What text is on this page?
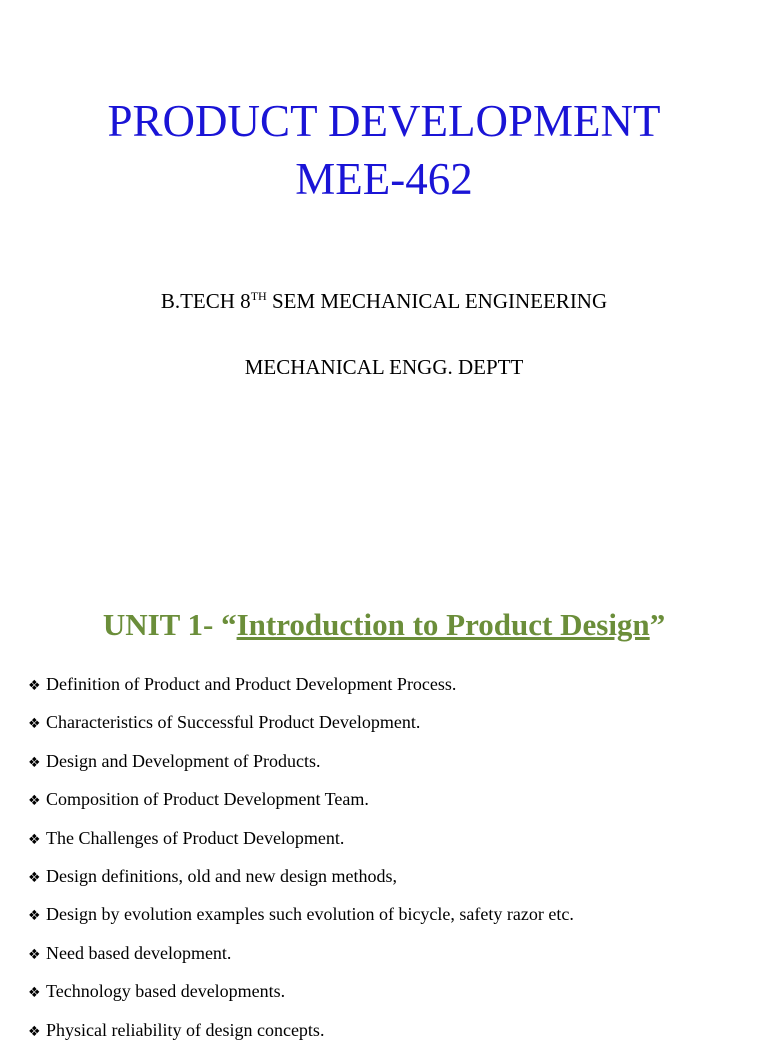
PRODUCT DEVELOPMENT
MEE-462
B.TECH 8TH SEM MECHANICAL ENGINEERING
MECHANICAL ENGG. DEPTT
UNIT 1- “Introduction to Product Design”
❖ Definition of Product and Product Development Process.
❖ Characteristics of Successful Product Development.
❖ Design and Development of Products.
❖ Composition of Product Development Team.
❖ The Challenges of Product Development.
❖ Design definitions, old and new design methods,
❖ Design by evolution examples such evolution of bicycle, safety razor etc.
❖ Need based development.
❖ Technology based developments.
❖ Physical reliability of design concepts.
